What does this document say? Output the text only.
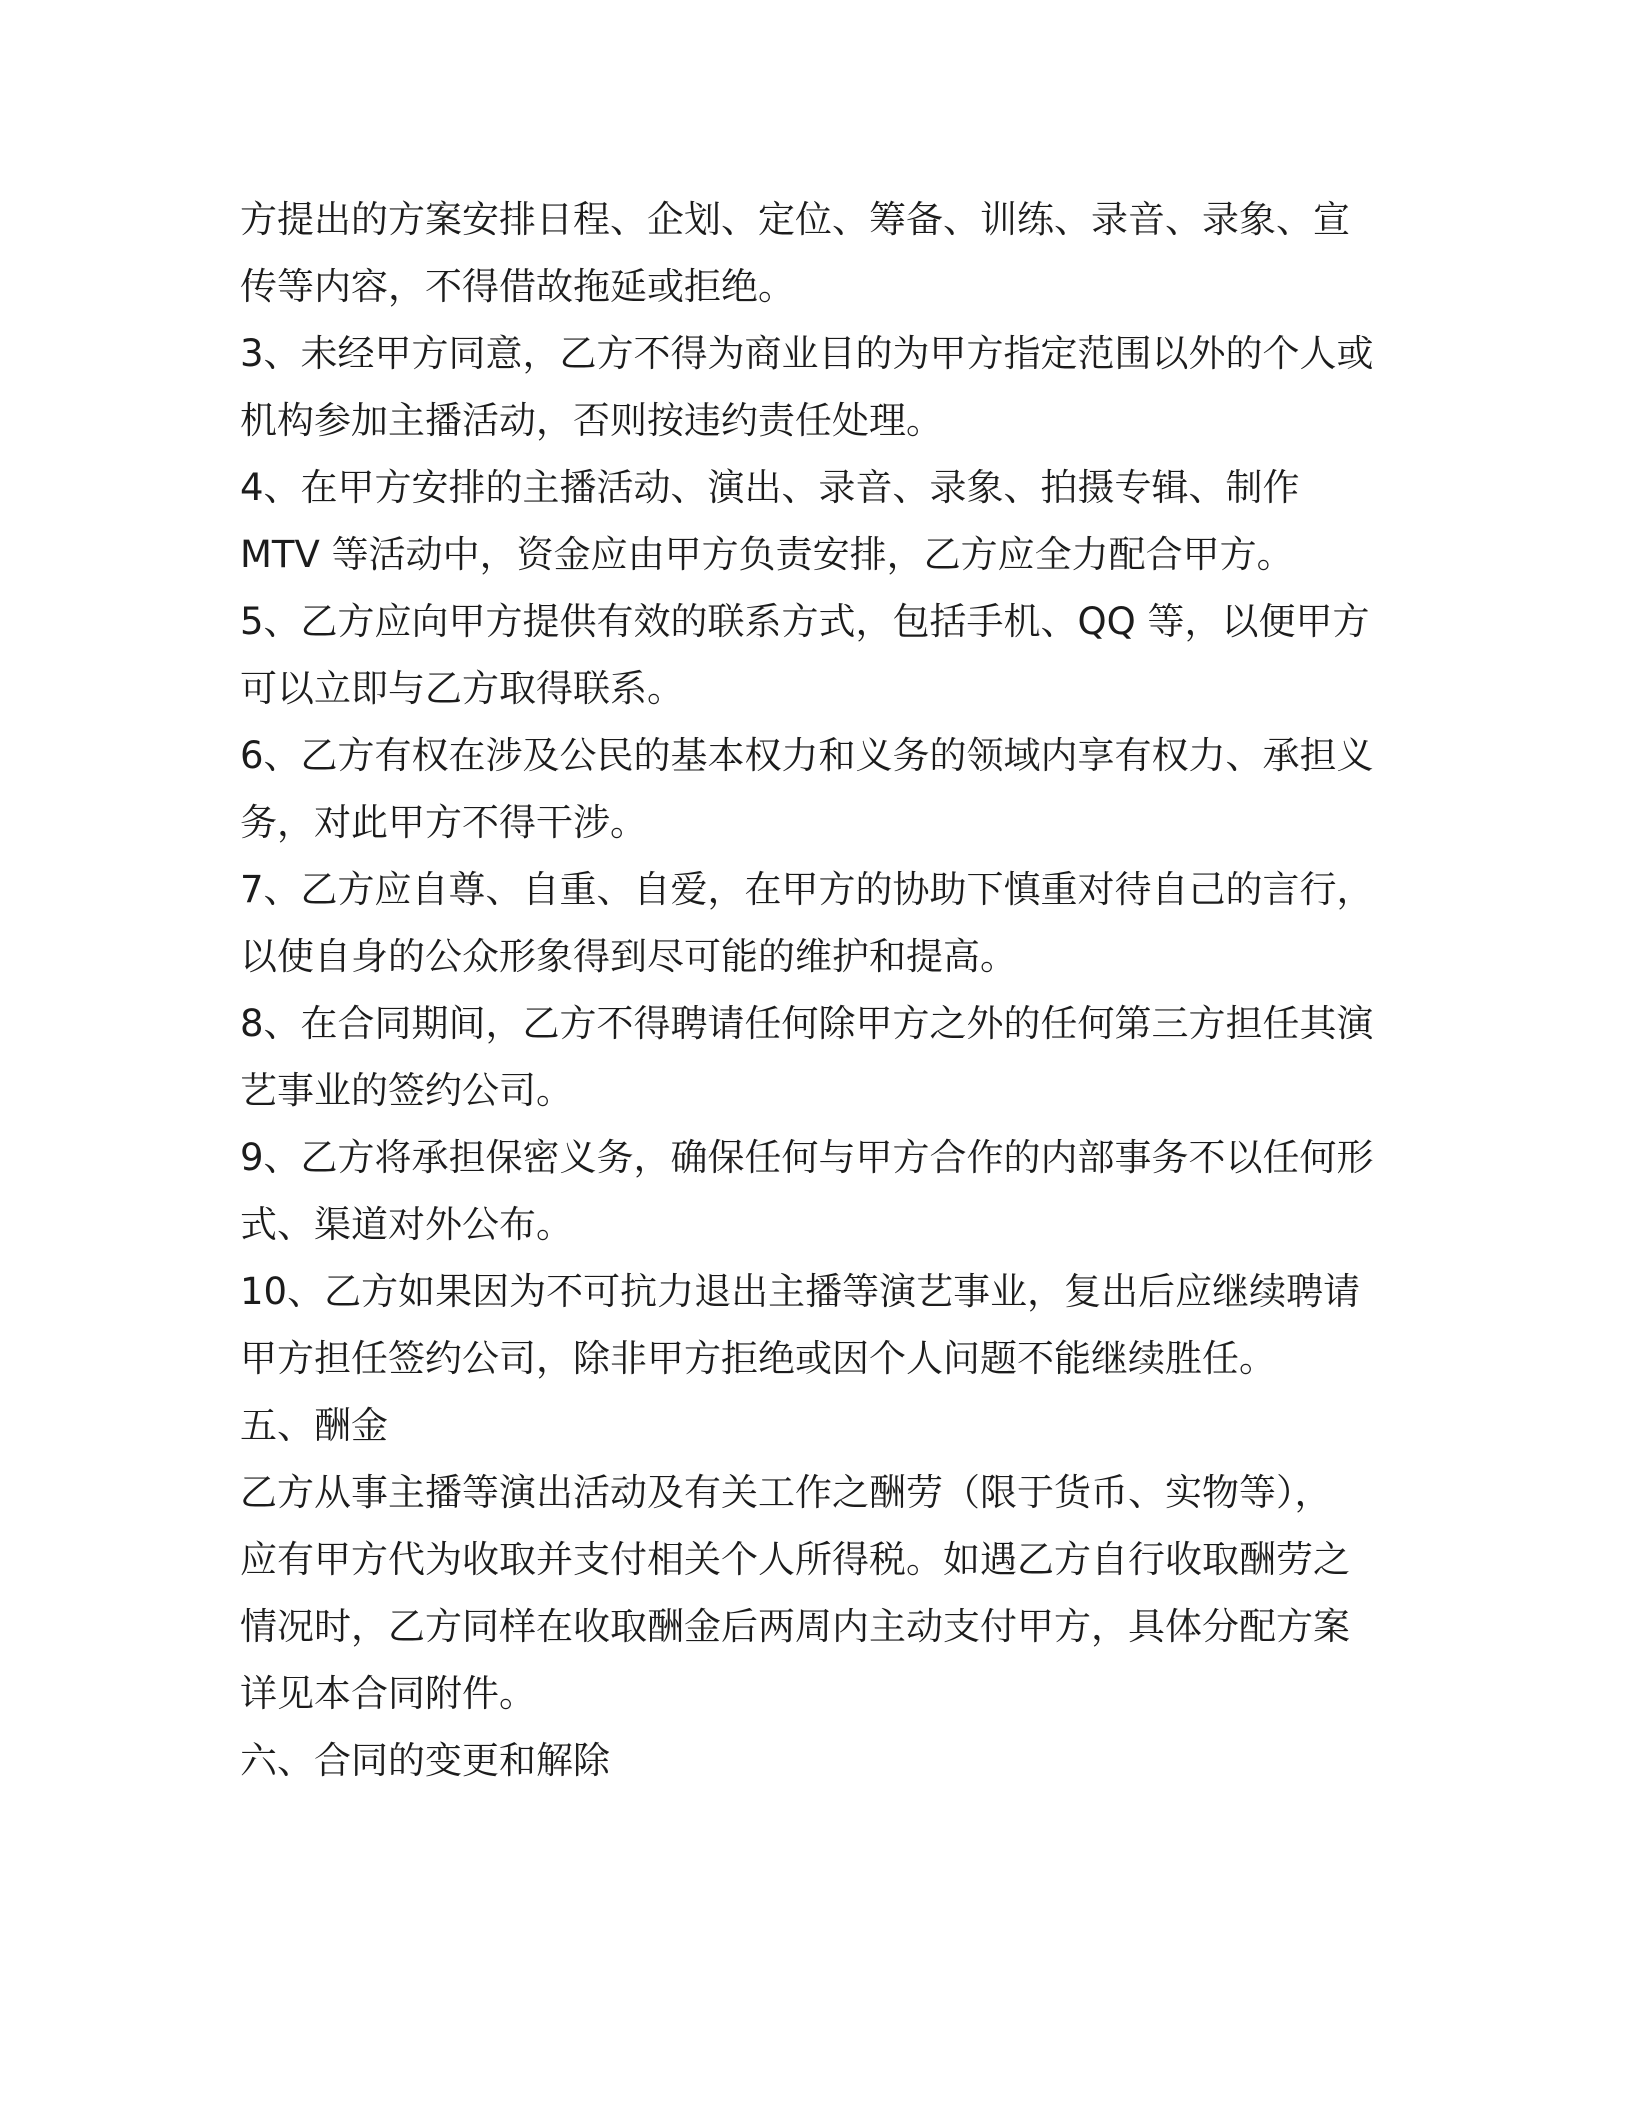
方提出的方案安排日程、企划、定位、筹备、训练、录音、录象、宣
传等内容，不得借故拖延或拒绝。
3、未经甲方同意，乙方不得为商业目的为甲方指定范围以外的个人或
机构参加主播活动，否则按违约责任处理。
4、在甲方安排的主播活动、演出、录音、录象、拍摄专辑、制作
MTV 等活动中，资金应由甲方负责安排，乙方应全力配合甲方。
5、乙方应向甲方提供有效的联系方式，包括手机、QQ 等，以便甲方
可以立即与乙方取得联系。
6、乙方有权在涉及公民的基本权力和义务的领域内享有权力、承担义
务，对此甲方不得干涉。
7、乙方应自尊、自重、自爱，在甲方的协助下慎重对待自己的言行，
以使自身的公众形象得到尽可能的维护和提高。
8、在合同期间，乙方不得聘请任何除甲方之外的任何第三方担任其演
艺事业的签约公司。
9、乙方将承担保密义务，确保任何与甲方合作的内部事务不以任何形
式、渠道对外公布。
10、乙方如果因为不可抗力退出主播等演艺事业，复出后应继续聘请
甲方担任签约公司，除非甲方拒绝或因个人问题不能继续胜任。
五、酬金
乙方从事主播等演出活动及有关工作之酬劳（限于货币、实物等），
应有甲方代为收取并支付相关个人所得税。如遇乙方自行收取酬劳之
情况时，乙方同样在收取酬金后两周内主动支付甲方，具体分配方案
详见本合同附件。
六、合同的变更和解除
